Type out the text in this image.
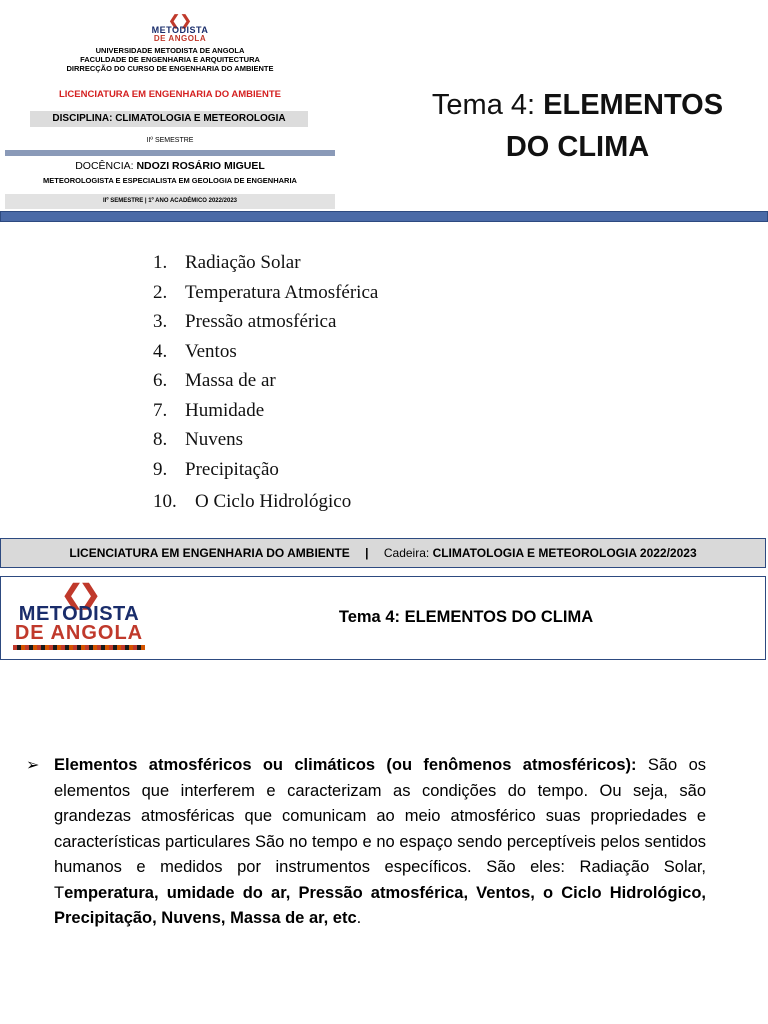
❮❯
METODISTA
DE ANGOLA
UNIVERSIDADE METODISTA DE ANGOLA
FACULDADE DE ENGENHARIA E ARQUITECTURA
DIRRECÇÃO DO CURSO DE ENGENHARIA DO AMBIENTE
LICENCIATURA EM ENGENHARIA DO AMBIENTE
DISCIPLINA: CLIMATOLOGIA E METEOROLOGIA
IIº SEMESTRE
DOCÊNCIA: NDOZI ROSÁRIO MIGUEL
METEOROLOGISTA E ESPECIALISTA EM GEOLOGIA DE ENGENHARIA
IIº SEMESTRE | 1º ANO ACADÉMICO 2022/2023
Tema 4: ELEMENTOS
DO CLIMA
1. Radiação Solar
2. Temperatura Atmosférica
3. Pressão atmosférica
4. Ventos
6. Massa de ar
7. Humidade
8. Nuvens
9. Precipitação
10. O Ciclo Hidrológico
LICENCIATURA EM ENGENHARIA DO AMBIENTE | Cadeira: CLIMATOLOGIA E METEOROLOGIA 2022/2023
❮❯
METODISTA
DE ANGOLA
Tema 4: ELEMENTOS DO CLIMA
➢ Elementos atmosféricos ou climáticos (ou fenômenos atmosféricos): São os elementos que interferem e caracterizam as condições do tempo. Ou seja, são grandezas atmosféricas que comunicam ao meio atmosférico suas propriedades e características particulares São no tempo e no espaço sendo perceptíveis pelos sentidos humanos e medidos por instrumentos específicos. São eles: Radiação Solar, Temperatura, umidade do ar, Pressão atmosférica, Ventos, o Ciclo Hidrológico, Precipitação, Nuvens, Massa de ar, etc.
